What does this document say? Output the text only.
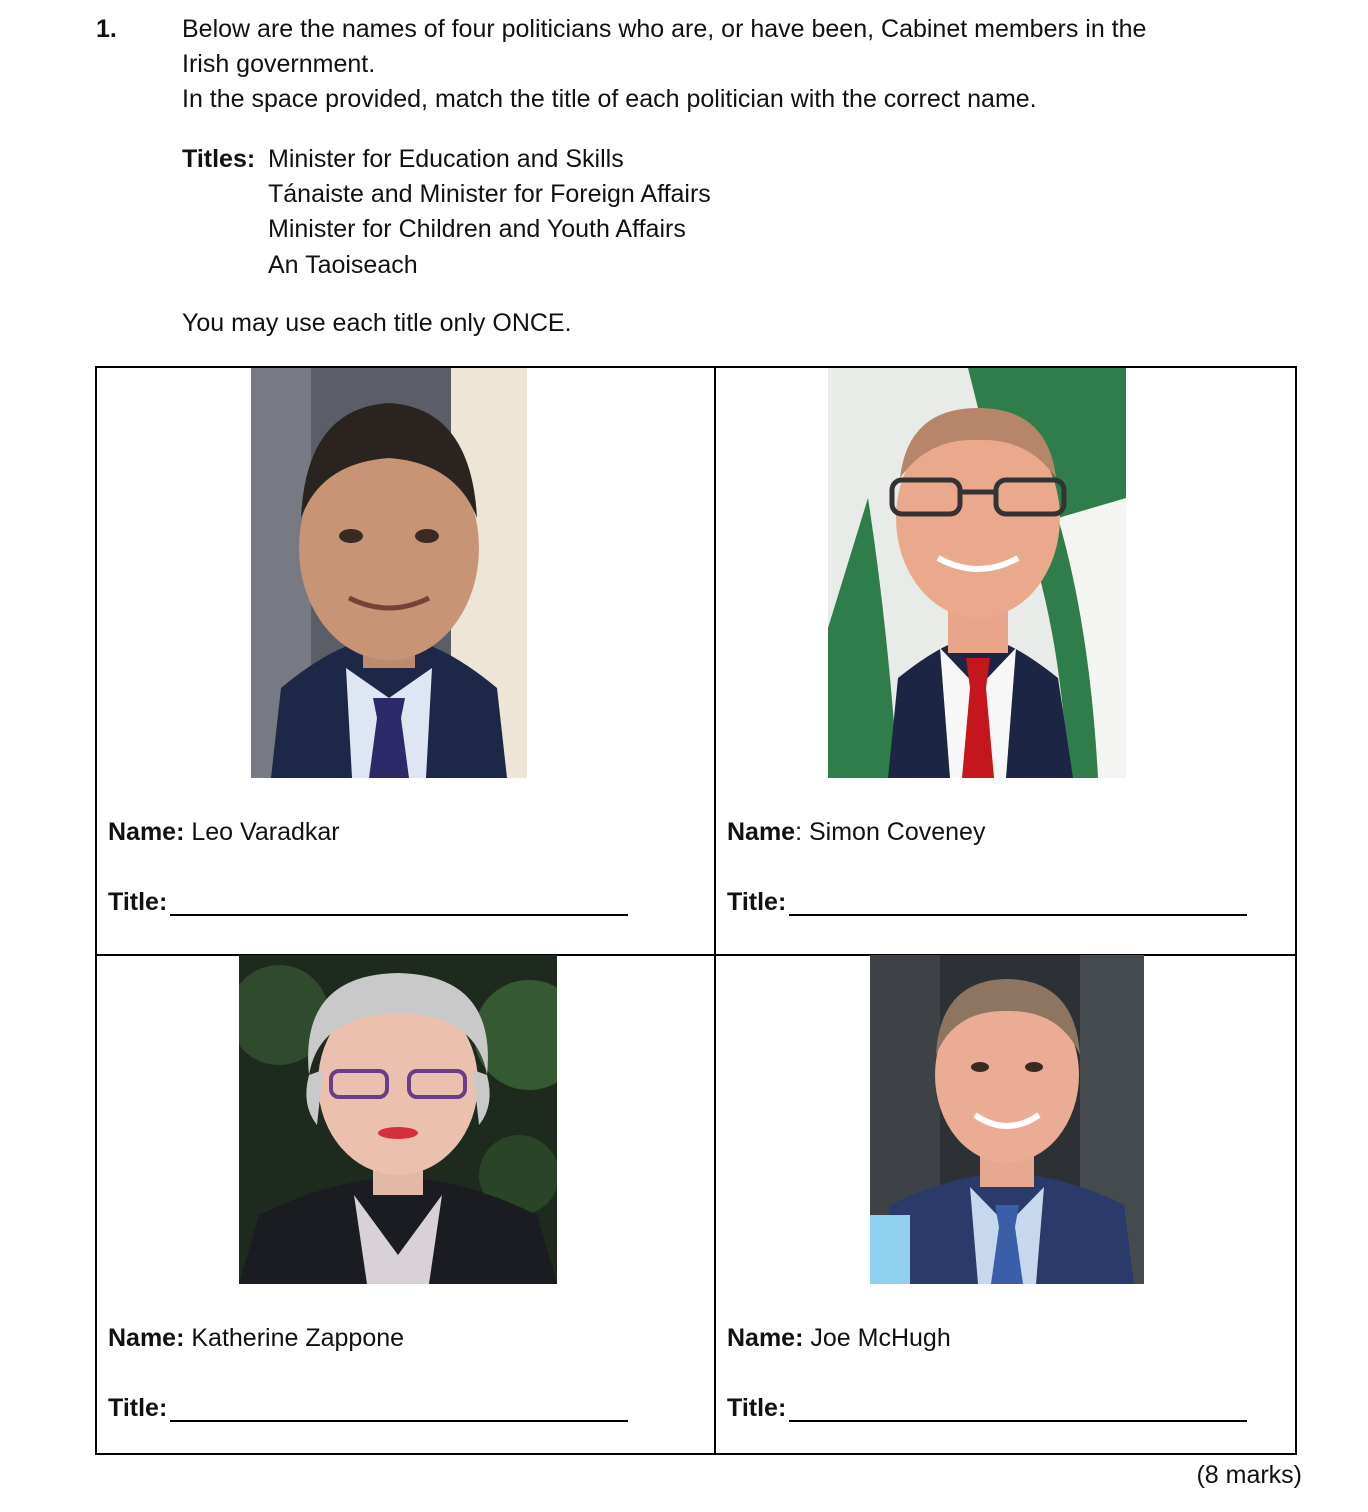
1.	Below are the names of four politicians who are, or have been, Cabinet members in the
Irish government.
In the space provided, match the title of each politician with the correct name.
Titles: Minister for Education and Skills
Tánaiste and Minister for Foreign Affairs
Minister for Children and Youth Affairs
An Taoiseach
You may use each title only ONCE.
Name: Leo Varadkar
Title:
Name: Simon Coveney
Title:
Name: Katherine Zappone
Title:
Name: Joe McHugh
Title:
(8 marks)
